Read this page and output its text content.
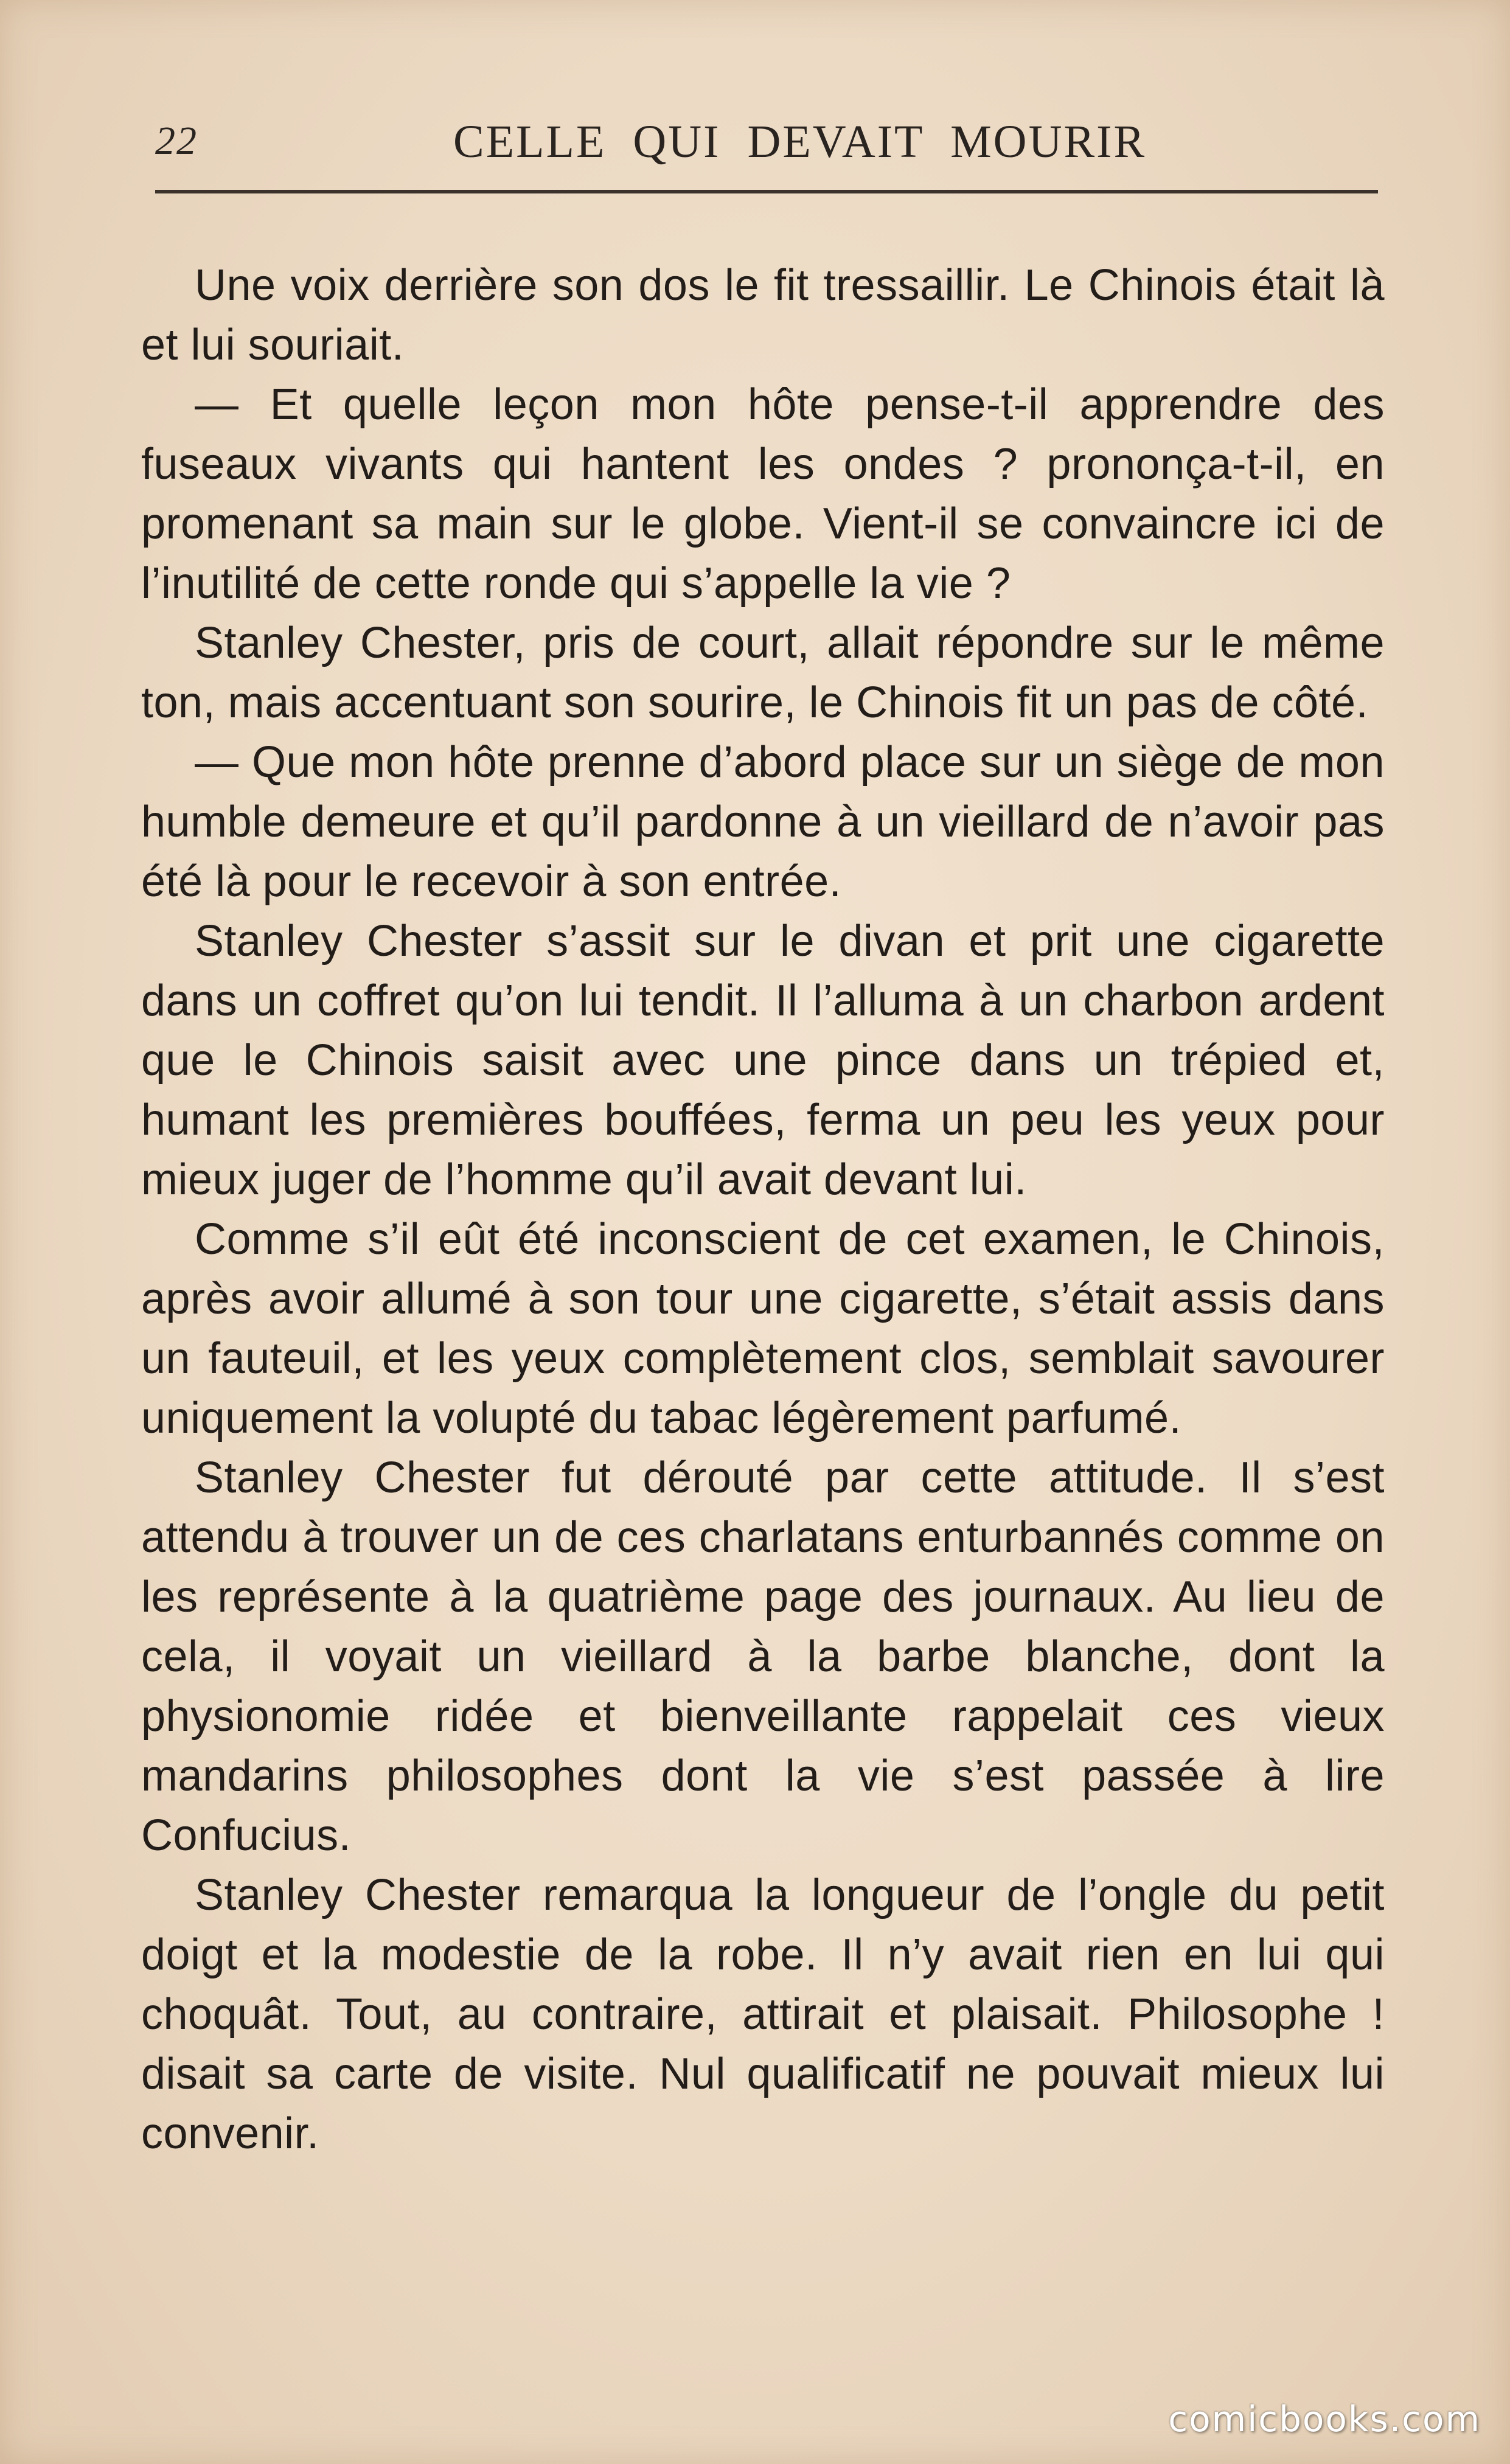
22	CELLE QUI DEVAIT MOURIR

Une voix derrière son dos le fit tressaillir. Le Chinois était là et lui souriait.

— Et quelle leçon mon hôte pense-t-il apprendre des fuseaux vivants qui hantent les ondes ? prononça-t-il, en promenant sa main sur le globe. Vient-il se convaincre ici de l’inutilité de cette ronde qui s’appelle la vie ?

Stanley Chester, pris de court, allait répondre sur le même ton, mais accentuant son sourire, le Chinois fit un pas de côté.

— Que mon hôte prenne d’abord place sur un siège de mon humble demeure et qu’il pardonne à un vieillard de n’avoir pas été là pour le recevoir à son entrée.

Stanley Chester s’assit sur le divan et prit une cigarette dans un coffret qu’on lui tendit. Il l’alluma à un charbon ardent que le Chinois saisit avec une pince dans un trépied et, humant les premières bouffées, ferma un peu les yeux pour mieux juger de l’homme qu’il avait devant lui.

Comme s’il eût été inconscient de cet examen, le Chinois, après avoir allumé à son tour une cigarette, s’était assis dans un fauteuil, et les yeux complètement clos, semblait savourer uniquement la volupté du tabac légèrement parfumé.

Stanley Chester fut dérouté par cette attitude. Il s’est attendu à trouver un de ces charlatans enturbannés comme on les représente à la quatrième page des journaux. Au lieu de cela, il voyait un vieillard à la barbe blanche, dont la physionomie ridée et bienveillante rappelait ces vieux mandarins philosophes dont la vie s’est passée à lire Confucius.

Stanley Chester remarqua la longueur de l’ongle du petit doigt et la modestie de la robe. Il n’y avait rien en lui qui choquât. Tout, au contraire, attirait et plaisait. Philosophe ! disait sa carte de visite. Nul qualificatif ne pouvait mieux lui convenir.

comicbooks.com
